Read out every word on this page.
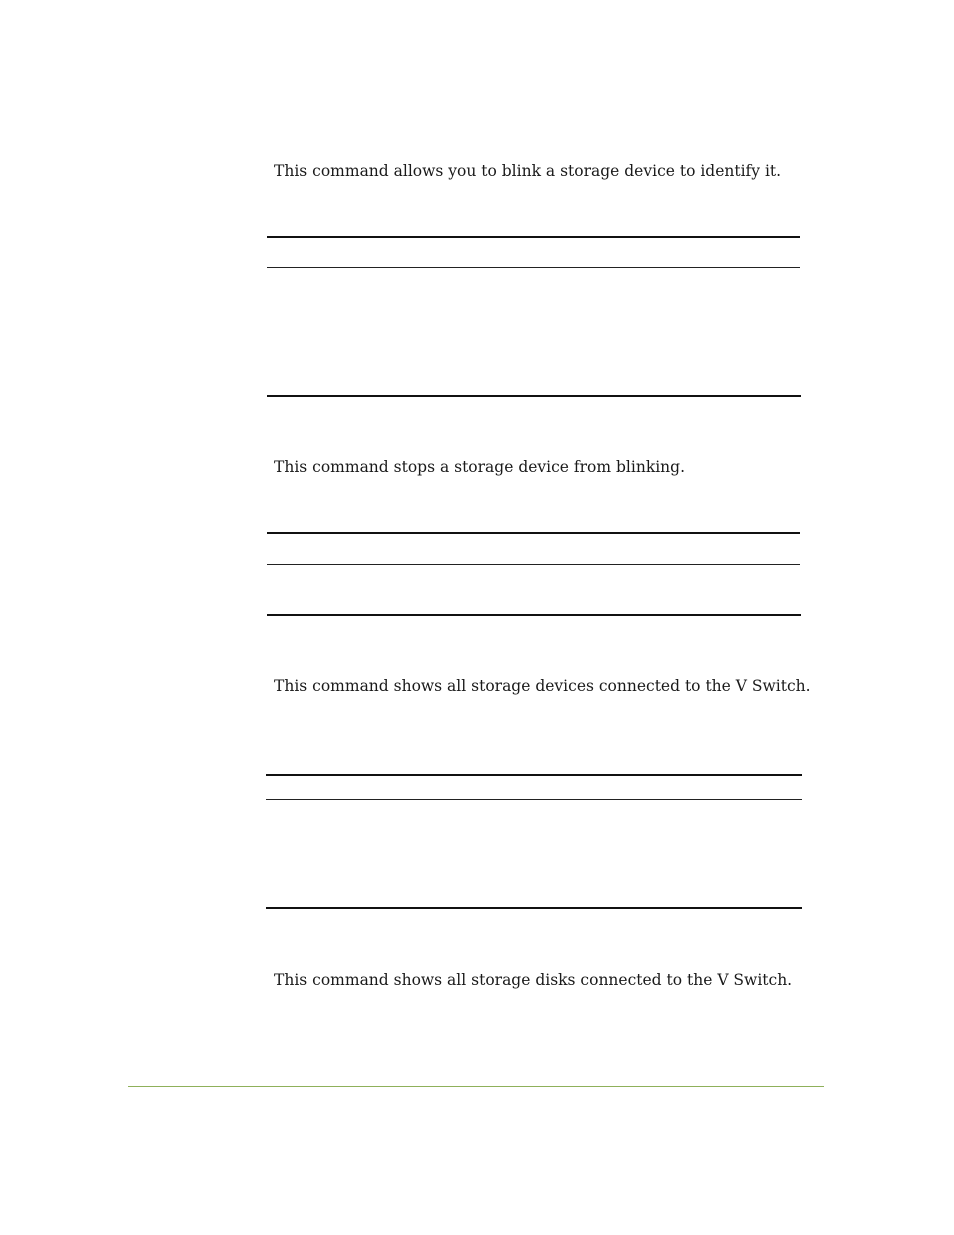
This command allows you to blink a storage device to identify it.

This command stops a storage device from blinking.

This command shows all storage devices connected to the V Switch.

This command shows all storage disks connected to the V Switch.
